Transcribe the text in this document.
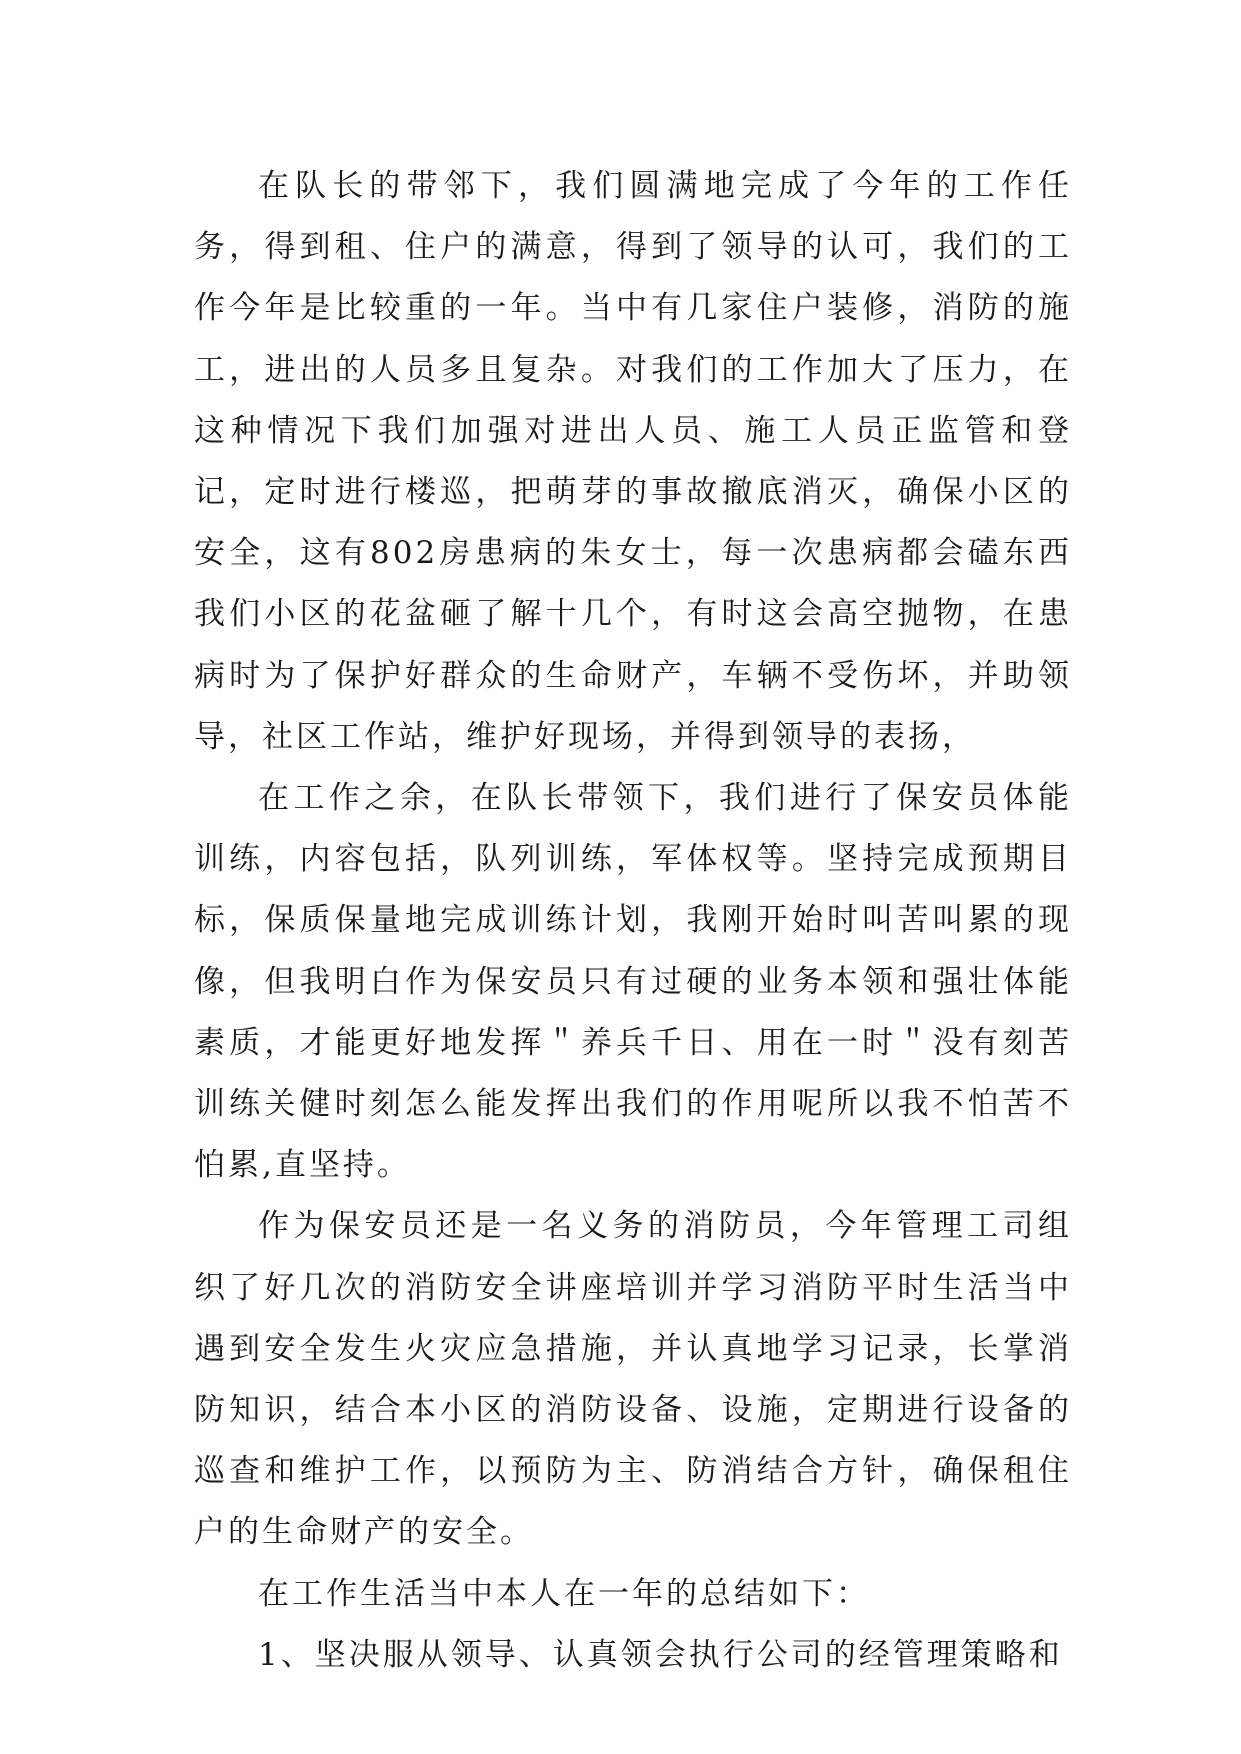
在队长的带邻下，我们圆满地完成了今年的工作任务，得到租、住户的满意，得到了领导的认可，我们的工作今年是比较重的一年。当中有几家住户装修，消防的施工，进出的人员多且复杂。对我们的工作加大了压力，在这种情况下我们加强对进出人员、施工人员正监管和登记，定时进行楼巡，把萌芽的事故撤底消灭，确保小区的安全，这有802房患病的朱女士，每一次患病都会磕东西我们小区的花盆砸了解十几个，有时这会高空抛物，在患病时为了保护好群众的生命财产，车辆不受伤坏，并助领导，社区工作站，维护好现场，并得到领导的表扬，

在工作之余，在队长带领下，我们进行了保安员体能训练，内容包括，队列训练，军体权等。坚持完成预期目标，保质保量地完成训练计划，我刚开始时叫苦叫累的现像，但我明白作为保安员只有过硬的业务本领和强壮体能素质，才能更好地发挥＂养兵千日、用在一时＂没有刻苦训练关健时刻怎么能发挥出我们的作用呢所以我不怕苦不怕累,直坚持。

作为保安员还是一名义务的消防员，今年管理工司组织了好几次的消防安全讲座培训并学习消防平时生活当中遇到安全发生火灾应急措施，并认真地学习记录，长掌消防知识，结合本小区的消防设备、设施，定期进行设备的巡查和维护工作，以预防为主、防消结合方针，确保租住户的生命财产的安全。

在工作生活当中本人在一年的总结如下：

1、坚决服从领导、认真领会执行公司的经管理策略和
